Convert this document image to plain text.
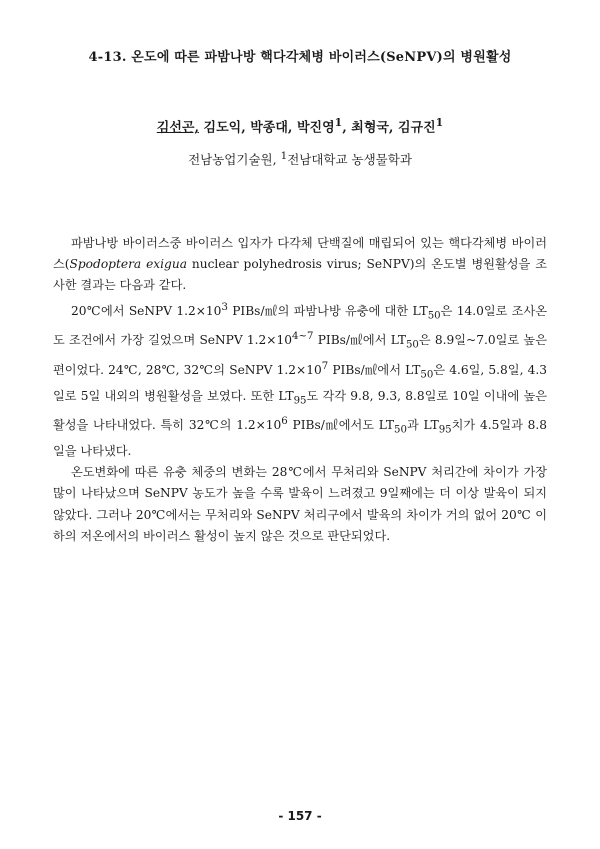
4-13. 온도에 따른 파밤나방 핵다각체병 바이러스(SeNPV)의 병원활성
김선곤, 김도익, 박종대, 박진영$^1$, 최형국, 김규진$^1$
전남농업기술원, $^1$전남대학교 농생물학과

파밤나방 바이러스중 바이러스 입자가 다각체 단백질에 매립되어 있는 핵다각체병 바이러스(Spodoptera exigua nuclear polyhedrosis virus; SeNPV)의 온도별 병원활성을 조사한 결과는 다음과 같다.

20℃에서 SeNPV $1.2\times 10^3$ PIBs/㎖의 파밤나방 유충에 대한 $LT_{50}$은 14.0일로 조사온도 조건에서 가장 길었으며 SeNPV $1.2\times 10^{4\sim 7}$ PIBs/㎖에서 $LT_{50}$은 8.9일~7.0일로 높은 편이었다. 24℃, 28℃, 32℃의 SeNPV $1.2\times 10^7$ PIBs/㎖에서 $LT_{50}$은 4.6일, 5.8일, 4.3일로 5일 내외의 병원활성을 보였다. 또한 $LT_{95}$도 각각 9.8, 9.3, 8.8일로 10일 이내에 높은 활성을 나타내었다. 특히 32℃의 $1.2\times 10^6$ PIBs/㎖에서도 $LT_{50}$과 $LT_{95}$치가 4.5일과 8.8일을 나타냈다.

온도변화에 따른 유충 체중의 변화는 28℃에서 무처리와 SeNPV 처리간에 차이가 가장 많이 나타났으며 SeNPV 농도가 높을 수록 발육이 느려졌고 9일째에는 더 이상 발육이 되지 않았다. 그러나 20℃에서는 무처리와 SeNPV 처리구에서 발육의 차이가 거의 없어 20℃ 이하의 저온에서의 바이러스 활성이 높지 않은 것으로 판단되었다.

- 157 -
